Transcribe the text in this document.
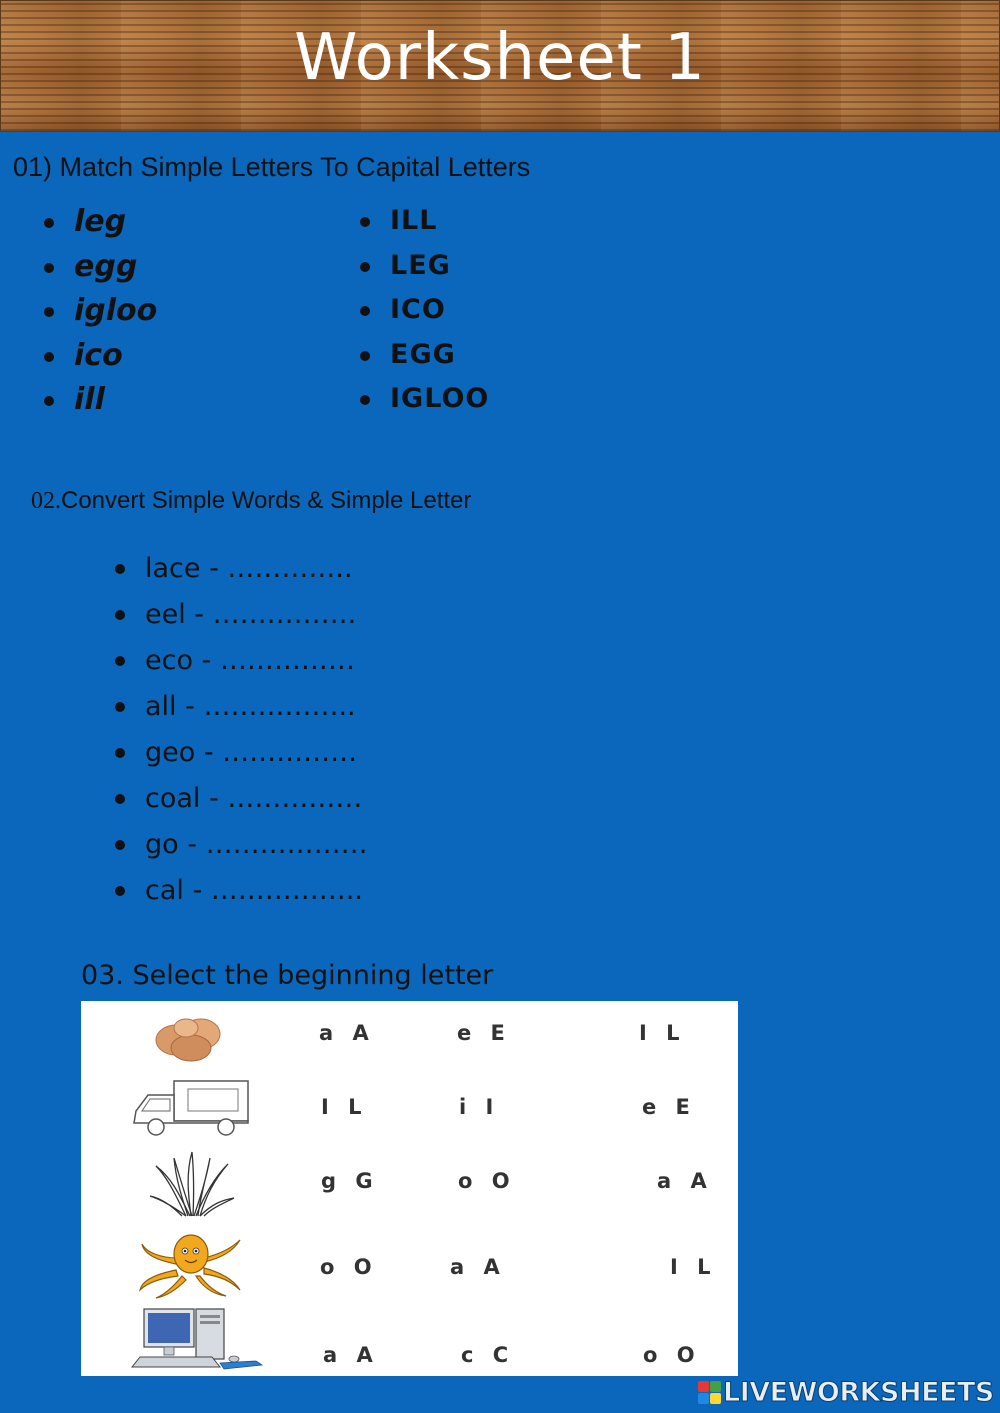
Worksheet 1
01) Match Simple Letters To Capital Letters
leg
egg
igloo
ico
ill
ILL
LEG
ICO
EGG
IGLOO
02.Convert Simple Words & Simple Letter
lace - …………..
eel - …………….
eco - ……………
all - ……………..
geo - ……………
coal - ……………
go - ………………
cal - ……………..
03. Select the beginning letter
a A	e E	I L
I L	i I	e E
g G	o O	a A
o O	a A	I L
a A	c C	o O
LIVEWORKSHEETS
